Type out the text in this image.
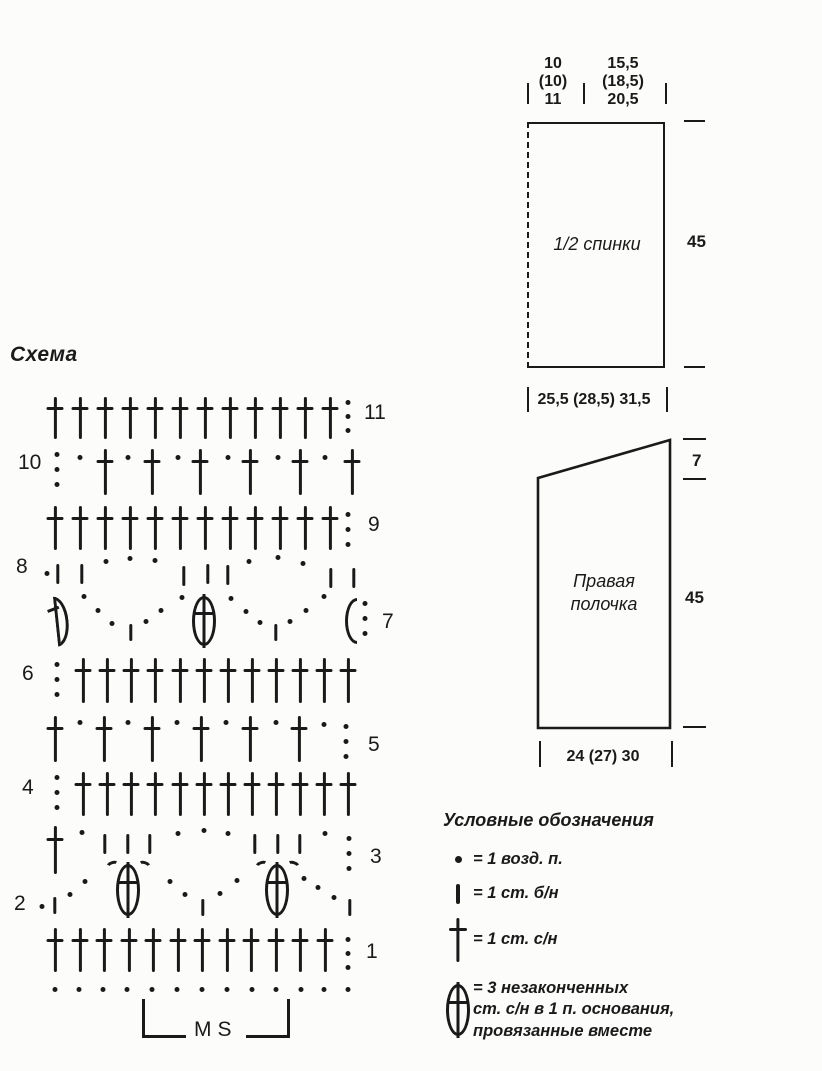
Схема
11
10
9
8
7
6
5
4
3
2
1
MS
1/2 спинки
10
(10)
11
15,5
(18,5)
20,5
45
25,5 (28,5) 31,5
Правая
полочка
7
45
24 (27) 30
Условные обозначения
= 1 возд. п.
= 1 ст. б/н
= 1 ст. с/н
= 3 незаконченных
ст. с/н в 1 п. основания,
провязанные вместе
